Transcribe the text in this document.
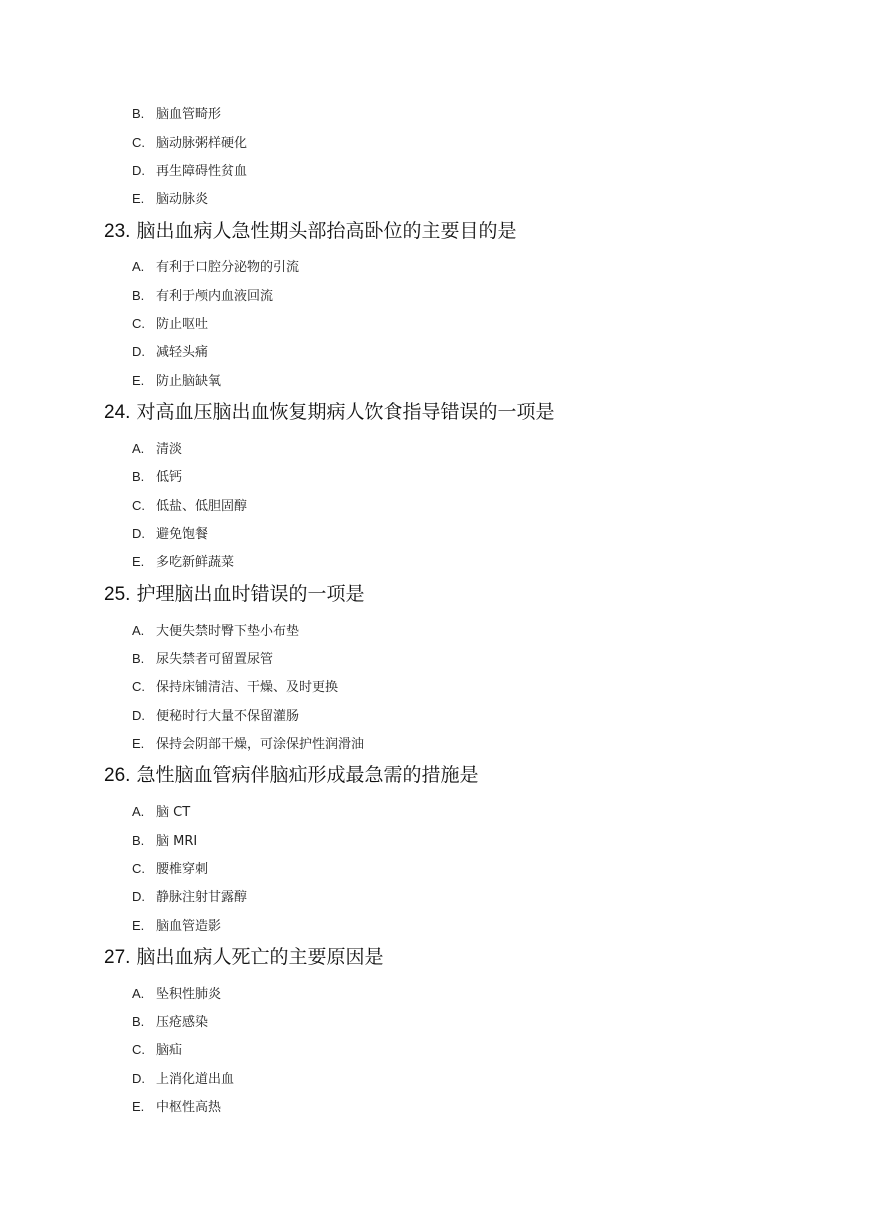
B. 脑血管畸形
C. 脑动脉粥样硬化
D. 再生障碍性贫血
E. 脑动脉炎
23. 脑出血病人急性期头部抬高卧位的主要目的是
A. 有利于口腔分泌物的引流
B. 有利于颅内血液回流
C. 防止呕吐
D. 减轻头痛
E. 防止脑缺氧
24. 对高血压脑出血恢复期病人饮食指导错误的一项是
A. 清淡
B. 低钙
C. 低盐、低胆固醇
D. 避免饱餐
E. 多吃新鲜蔬菜
25. 护理脑出血时错误的一项是
A. 大便失禁时臀下垫小布垫
B. 尿失禁者可留置尿管
C. 保持床铺清洁、干燥、及时更换
D. 便秘时行大量不保留灌肠
E. 保持会阴部干燥，可涂保护性润滑油
26. 急性脑血管病伴脑疝形成最急需的措施是
A. 脑 CT
B. 脑 MRI
C. 腰椎穿刺
D. 静脉注射甘露醇
E. 脑血管造影
27. 脑出血病人死亡的主要原因是
A. 坠积性肺炎
B. 压疮感染
C. 脑疝
D. 上消化道出血
E. 中枢性高热
